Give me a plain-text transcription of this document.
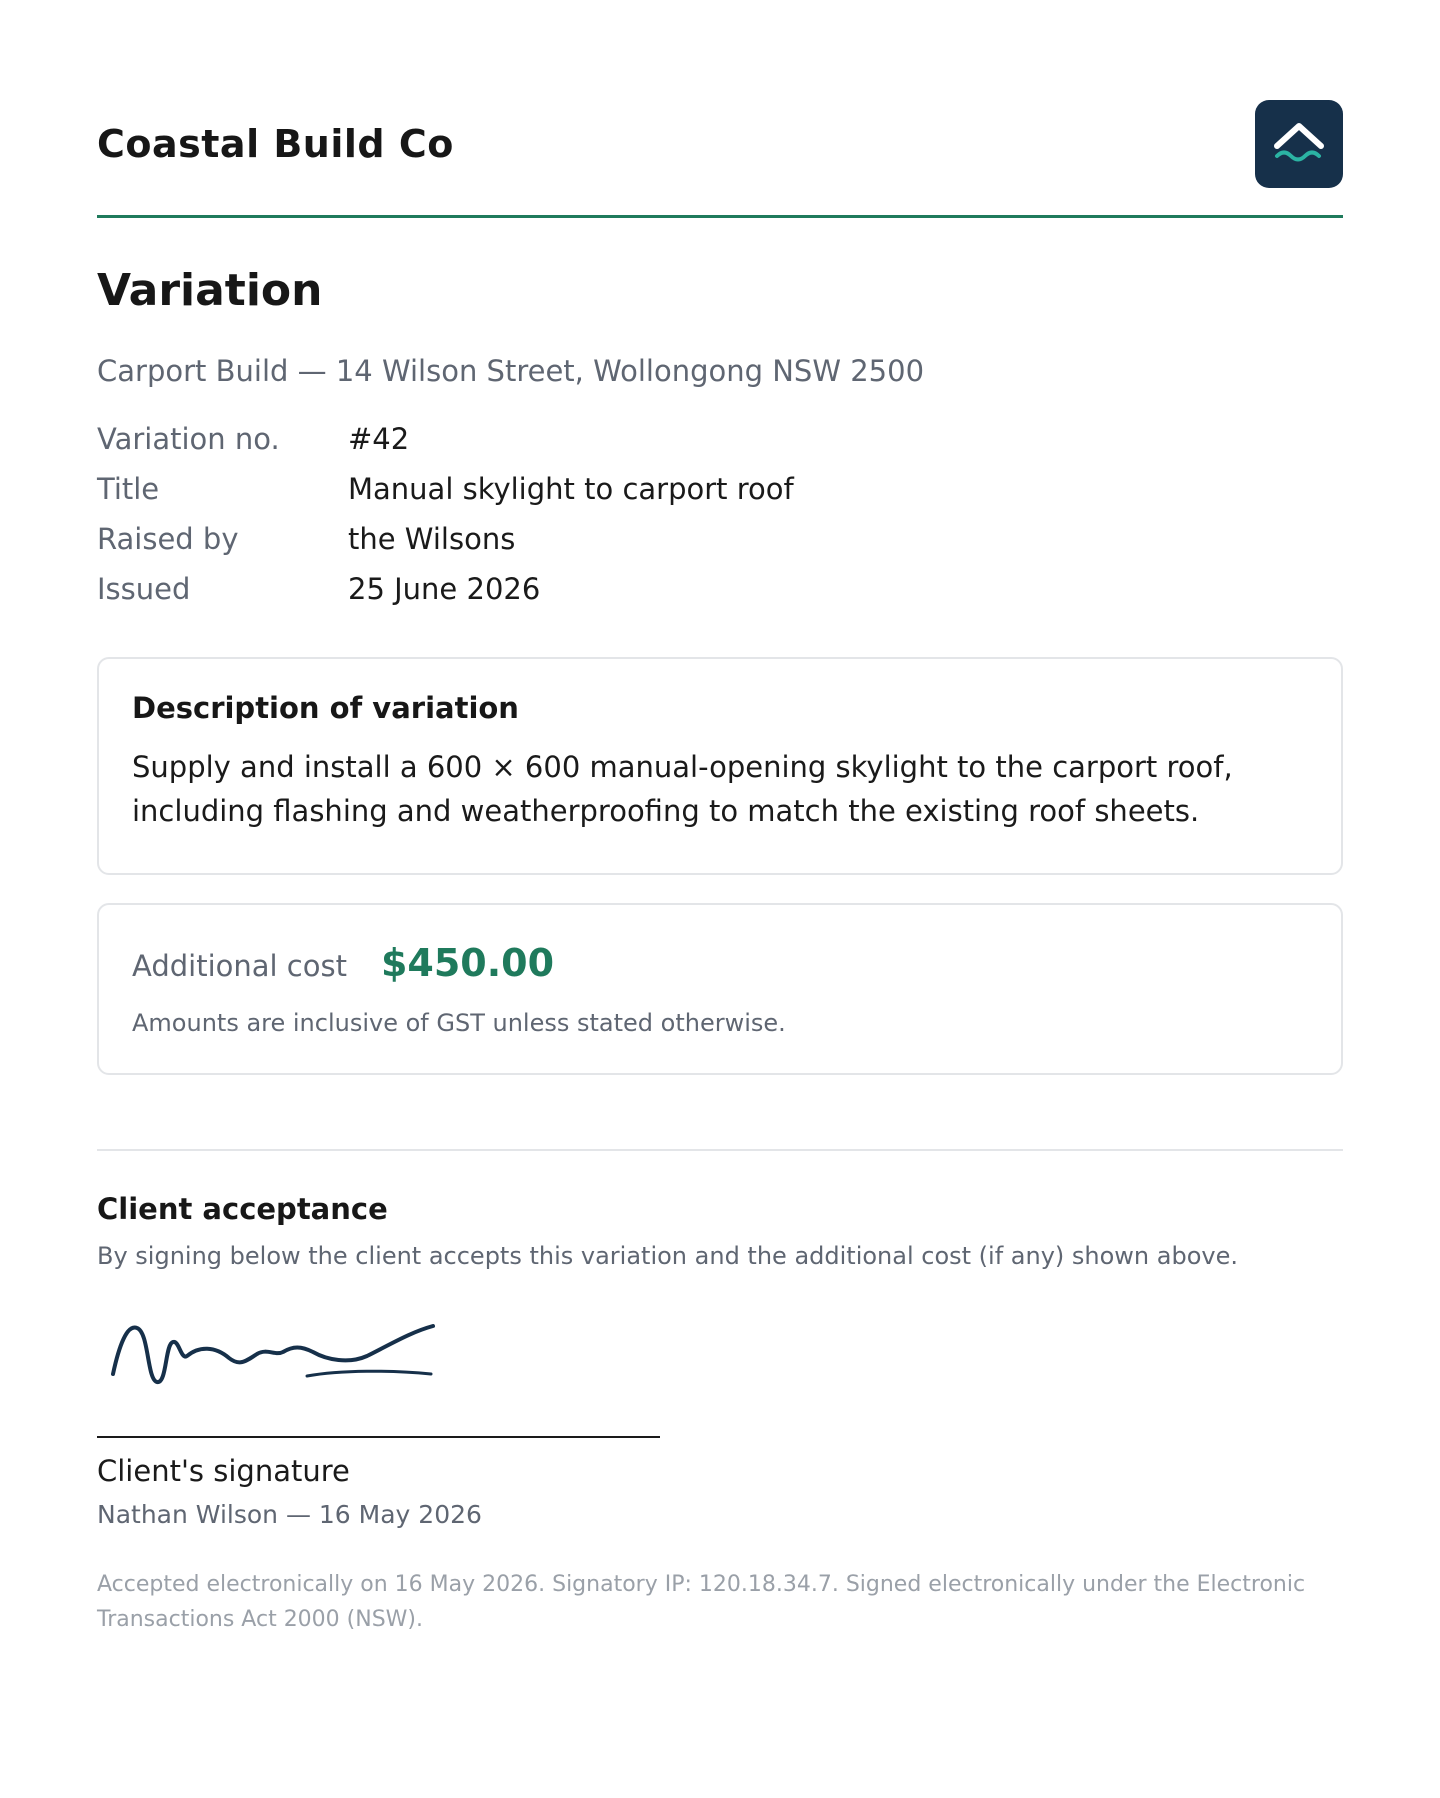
Coastal Build Co
Variation
Carport Build — 14 Wilson Street, Wollongong NSW 2500
Variation no.	#42
Title	Manual skylight to carport roof
Raised by	the Wilsons
Issued	25 June 2026
Description of variation
Supply and install a 600 × 600 manual-opening skylight to the carport roof,
including flashing and weatherproofing to match the existing roof sheets.
Additional cost $450.00
Amounts are inclusive of GST unless stated otherwise.
Client acceptance
By signing below the client accepts this variation and the additional cost (if any) shown above.
Client's signature
Nathan Wilson — 16 May 2026
Accepted electronically on 16 May 2026. Signatory IP: 120.18.34.7. Signed electronically under the Electronic Transactions Act 2000 (NSW).
